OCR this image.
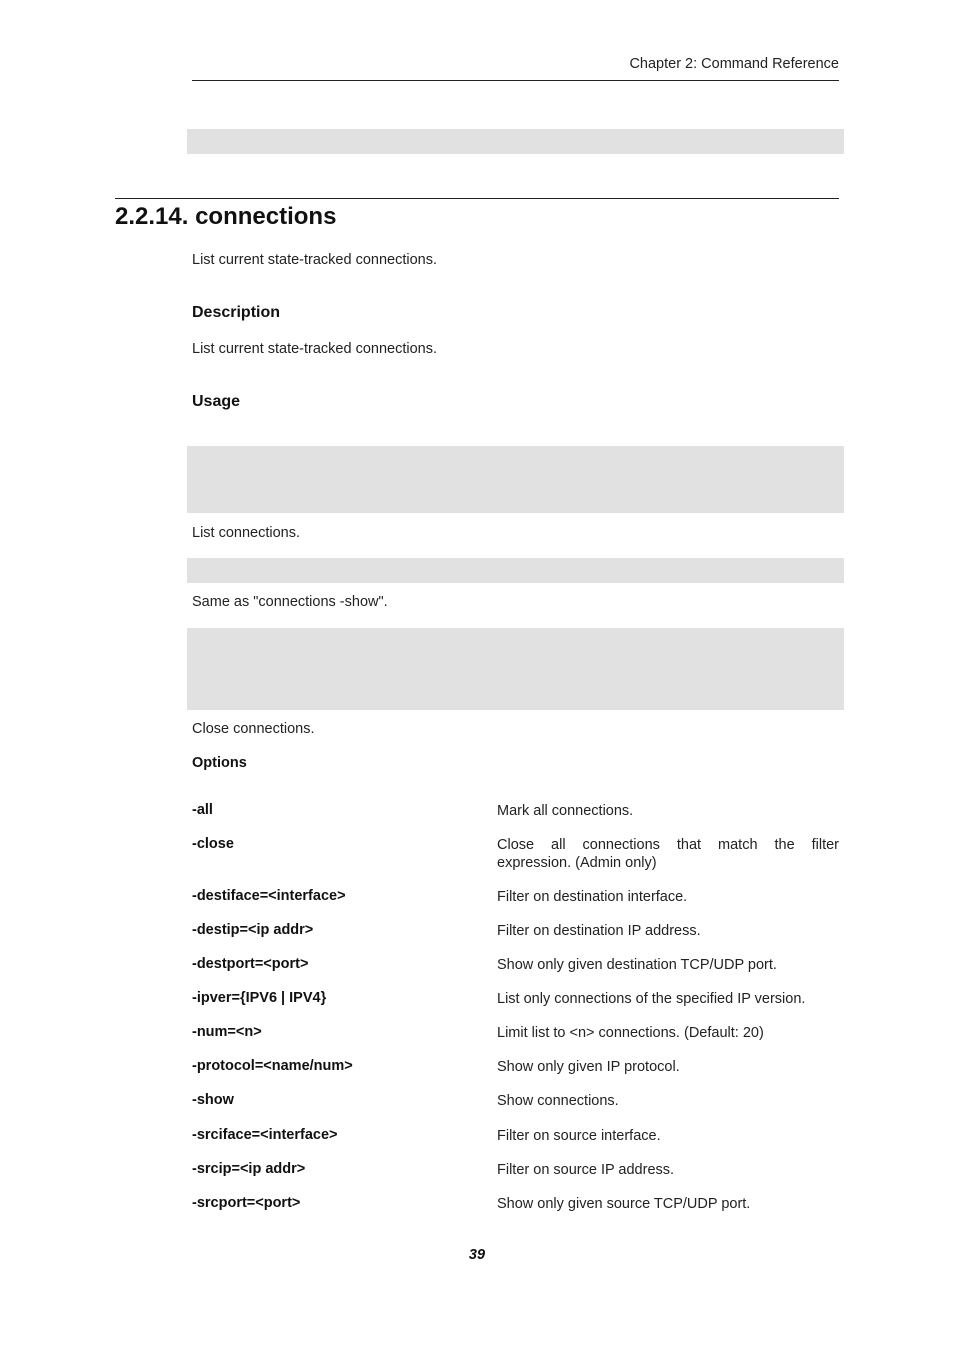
Chapter 2: Command Reference
2.2.14. connections
List current state-tracked connections.
Description
List current state-tracked connections.
Usage
List connections.
Same as "connections -show".
Close connections.
Options
-all	Mark all connections.
-close	Close all connections that match the filter expression. (Admin only)
-destiface=<interface>	Filter on destination interface.
-destip=<ip addr>	Filter on destination IP address.
-destport=<port>	Show only given destination TCP/UDP port.
-ipver={IPV6 | IPV4}	List only connections of the specified IP version.
-num=<n>	Limit list to <n> connections. (Default: 20)
-protocol=<name/num>	Show only given IP protocol.
-show	Show connections.
-srciface=<interface>	Filter on source interface.
-srcip=<ip addr>	Filter on source IP address.
-srcport=<port>	Show only given source TCP/UDP port.
39
